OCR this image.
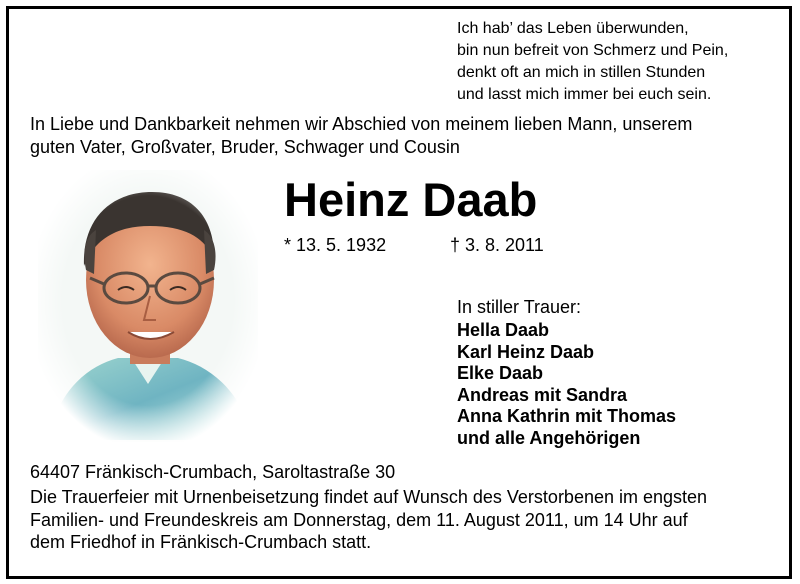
Ich hab’ das Leben überwunden,
bin nun befreit von Schmerz und Pein,
denkt oft an mich in stillen Stunden
und lasst mich immer bei euch sein.
In Liebe und Dankbarkeit nehmen wir Abschied von meinem lieben Mann, unserem
guten Vater, Großvater, Bruder, Schwager und Cousin
Heinz Daab
* 13. 5. 1932	† 3. 8. 2011
In stiller Trauer:
Hella Daab
Karl Heinz Daab
Elke Daab
Andreas mit Sandra
Anna Kathrin mit Thomas
und alle Angehörigen
64407 Fränkisch-Crumbach, Saroltastraße 30
Die Trauerfeier mit Urnenbeisetzung findet auf Wunsch des Verstorbenen im engsten
Familien- und Freundeskreis am Donnerstag, dem 11. August 2011, um 14 Uhr auf
dem Friedhof in Fränkisch-Crumbach statt.
